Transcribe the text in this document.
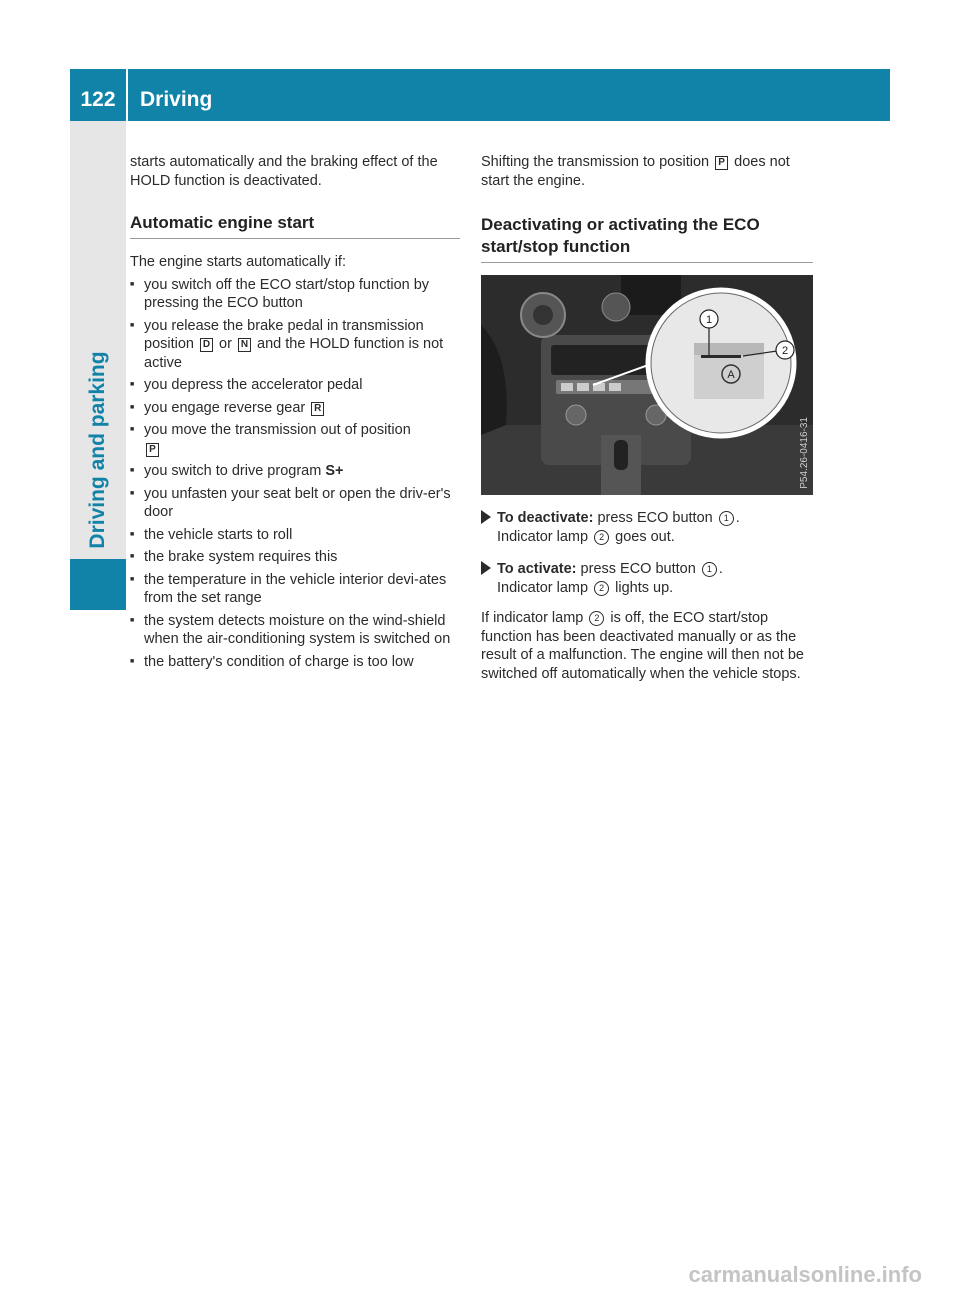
122	Driving
Driving and parking

starts automatically and the braking effect of the HOLD function is deactivated.

Automatic engine start

The engine starts automatically if:

■ you switch off the ECO start/stop function by pressing the ECO button
■ you release the brake pedal in transmission position D or N and the HOLD function is not active
■ you depress the accelerator pedal
■ you engage reverse gear R
■ you move the transmission out of position
P
■ you switch to drive program S+
■ you unfasten your seat belt or open the driv-er's door
■ the vehicle starts to roll
■ the brake system requires this
■ the temperature in the vehicle interior devi-ates from the set range
■ the system detects moisture on the wind-shield when the air-conditioning system is switched on
■ the battery's condition of charge is too low

Shifting the transmission to position P does not start the engine.

Deactivating or activating the ECO start/stop function
A
1
2
P54.26-0416-31

To deactivate: press ECO button 1 .
Indicator lamp 2 goes out.

To activate: press ECO button 1 .
Indicator lamp 2 lights up.

If indicator lamp 2 is off, the ECO start/stop function has been deactivated manually or as the result of a malfunction. The engine will then not be switched off automatically when the vehicle stops.

carmanualsonline.info
